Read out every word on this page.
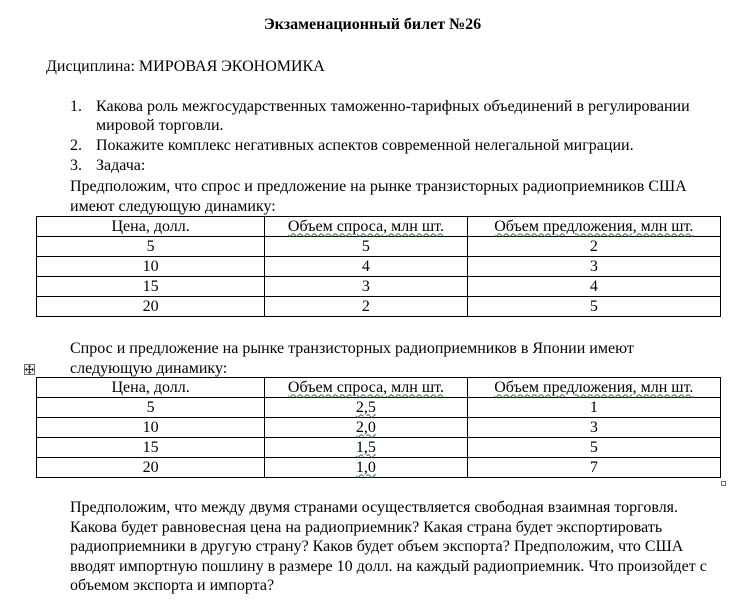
Экзаменационный билет №26
Дисциплина: МИРОВАЯ ЭКОНОМИКА
1. Какова роль межгосударственных таможенно-тарифных объединений в регулировании мировой торговли.
2. Покажите комплекс негативных аспектов современной нелегальной миграции.
3. Задача:
Предположим, что спрос и предложение на рынке транзисторных радиоприемников США имеют следующую динамику:
Цена, долл.	Объем спроса, млн шт.	Объем предложения, млн шт.
5	5	2
10	4	3
15	3	4
20	2	5
Спрос и предложение на рынке транзисторных радиоприемников в Японии имеют следующую динамику:
Цена, долл.	Объем спроса, млн шт.	Объем предложения, млн шт.
5	2,5	1
10	2,0	3
15	1,5	5
20	1,0	7
Предположим, что между двумя странами осуществляется свободная взаимная торговля. Какова будет равновесная цена на радиоприемник? Какая страна будет экспортировать радиоприемники в другую страну? Каков будет объем экспорта? Предположим, что США вводят импортную пошлину в размере 10 долл. на каждый радиоприемник. Что произойдет с объемом экспорта и импорта?
